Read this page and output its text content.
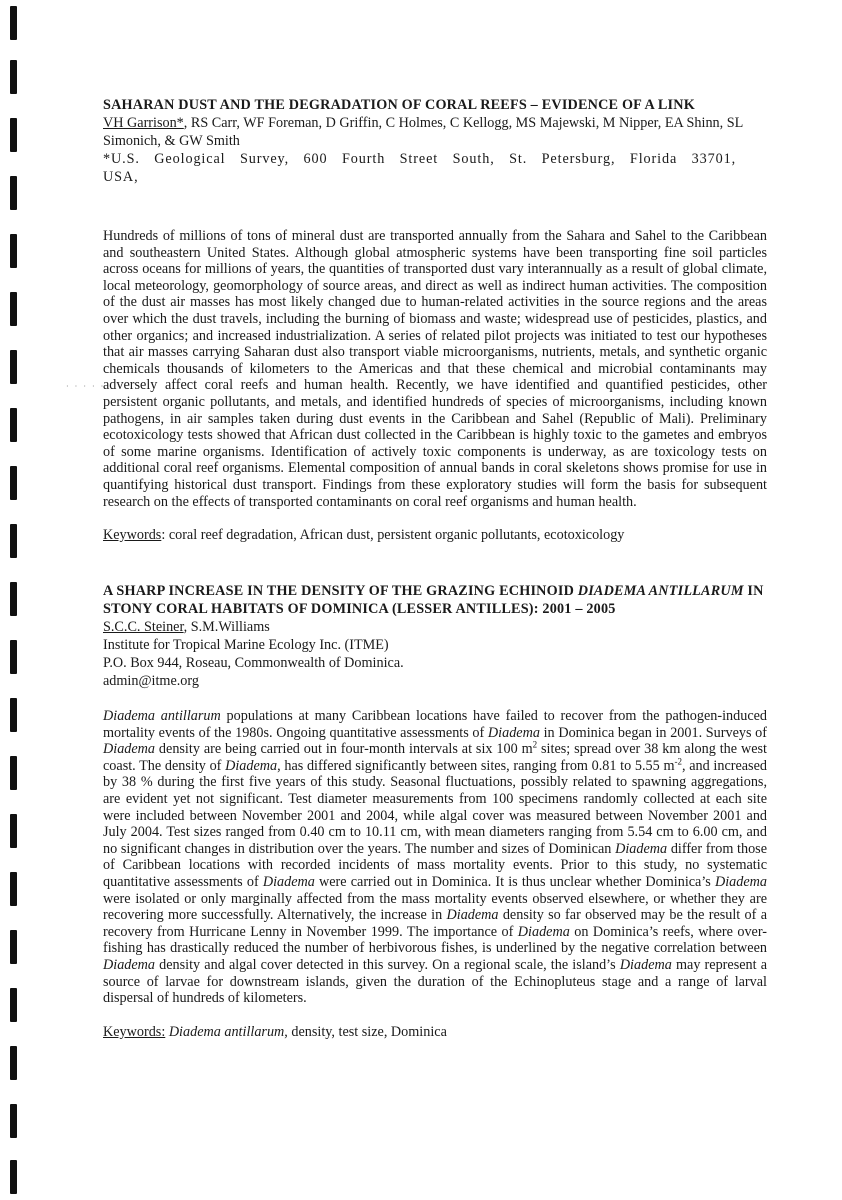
· · · · ·
SAHARAN DUST AND THE DEGRADATION OF CORAL REEFS – EVIDENCE OF A LINK

VH Garrison*, RS Carr, WF Foreman, D Griffin, C Holmes, C Kellogg, MS Majewski, M Nipper, EA Shinn, SL Simonich, & GW Smith

*U.S. Geological Survey, 600 Fourth Street South, St. Petersburg, Florida 33701, USA,

Hundreds of millions of tons of mineral dust are transported annually from the Sahara and Sahel to the Caribbean and southeastern United States. Although global atmospheric systems have been transporting fine soil particles across oceans for millions of years, the quantities of transported dust vary interannually as a result of global climate, local meteorology, geomorphology of source areas, and direct as well as indirect human activities. The composition of the dust air masses has most likely changed due to human-related activities in the source regions and the areas over which the dust travels, including the burning of biomass and waste; widespread use of pesticides, plastics, and other organics; and increased industrialization. A series of related pilot projects was initiated to test our hypotheses that air masses carrying Saharan dust also transport viable microorganisms, nutrients, metals, and synthetic organic chemicals thousands of kilometers to the Americas and that these chemical and microbial contaminants may adversely affect coral reefs and human health. Recently, we have identified and quantified pesticides, other persistent organic pollutants, and metals, and identified hundreds of species of microorganisms, including known pathogens, in air samples taken during dust events in the Caribbean and Sahel (Republic of Mali). Preliminary ecotoxicology tests showed that African dust collected in the Caribbean is highly toxic to the gametes and embryos of some marine organisms. Identification of actively toxic components is underway, as are toxicology tests on additional coral reef organisms. Elemental composition of annual bands in coral skeletons shows promise for use in quantifying historical dust transport. Findings from these exploratory studies will form the basis for subsequent research on the effects of transported contaminants on coral reef organisms and human health.

Keywords: coral reef degradation, African dust, persistent organic pollutants, ecotoxicology

A SHARP INCREASE IN THE DENSITY OF THE GRAZING ECHINOID DIADEMA ANTILLARUM IN STONY CORAL HABITATS OF DOMINICA (LESSER ANTILLES): 2001 – 2005

S.C.C. Steiner, S.M.Williams

Institute for Tropical Marine Ecology Inc. (ITME)

P.O. Box 944, Roseau, Commonwealth of Dominica.

admin@itme.org

Diadema antillarum populations at many Caribbean locations have failed to recover from the pathogen-induced mortality events of the 1980s. Ongoing quantitative assessments of Diadema in Dominica began in 2001. Surveys of Diadema density are being carried out in four-month intervals at six 100 $m^2$ sites; spread over 38 km along the west coast. The density of Diadema, has differed significantly between sites, ranging from 0.81 to 5.55 $m^{-2}$, and increased by 38 % during the first five years of this study. Seasonal fluctuations, possibly related to spawning aggregations, are evident yet not significant. Test diameter measurements from 100 specimens randomly collected at each site were included between November 2001 and 2004, while algal cover was measured between November 2001 and July 2004. Test sizes ranged from 0.40 cm to 10.11 cm, with mean diameters ranging from 5.54 cm to 6.00 cm, and no significant changes in distribution over the years. The number and sizes of Dominican Diadema differ from those of Caribbean locations with recorded incidents of mass mortality events. Prior to this study, no systematic quantitative assessments of Diadema were carried out in Dominica. It is thus unclear whether Dominica’s Diadema were isolated or only marginally affected from the mass mortality events observed elsewhere, or whether they are recovering more successfully. Alternatively, the increase in Diadema density so far observed may be the result of a recovery from Hurricane Lenny in November 1999. The importance of Diadema on Dominica’s reefs, where over-fishing has drastically reduced the number of herbivorous fishes, is underlined by the negative correlation between Diadema density and algal cover detected in this survey. On a regional scale, the island’s Diadema may represent a source of larvae for downstream islands, given the duration of the Echinopluteus stage and a range of larval dispersal of hundreds of kilometers.

Keywords: Diadema antillarum, density, test size, Dominica
